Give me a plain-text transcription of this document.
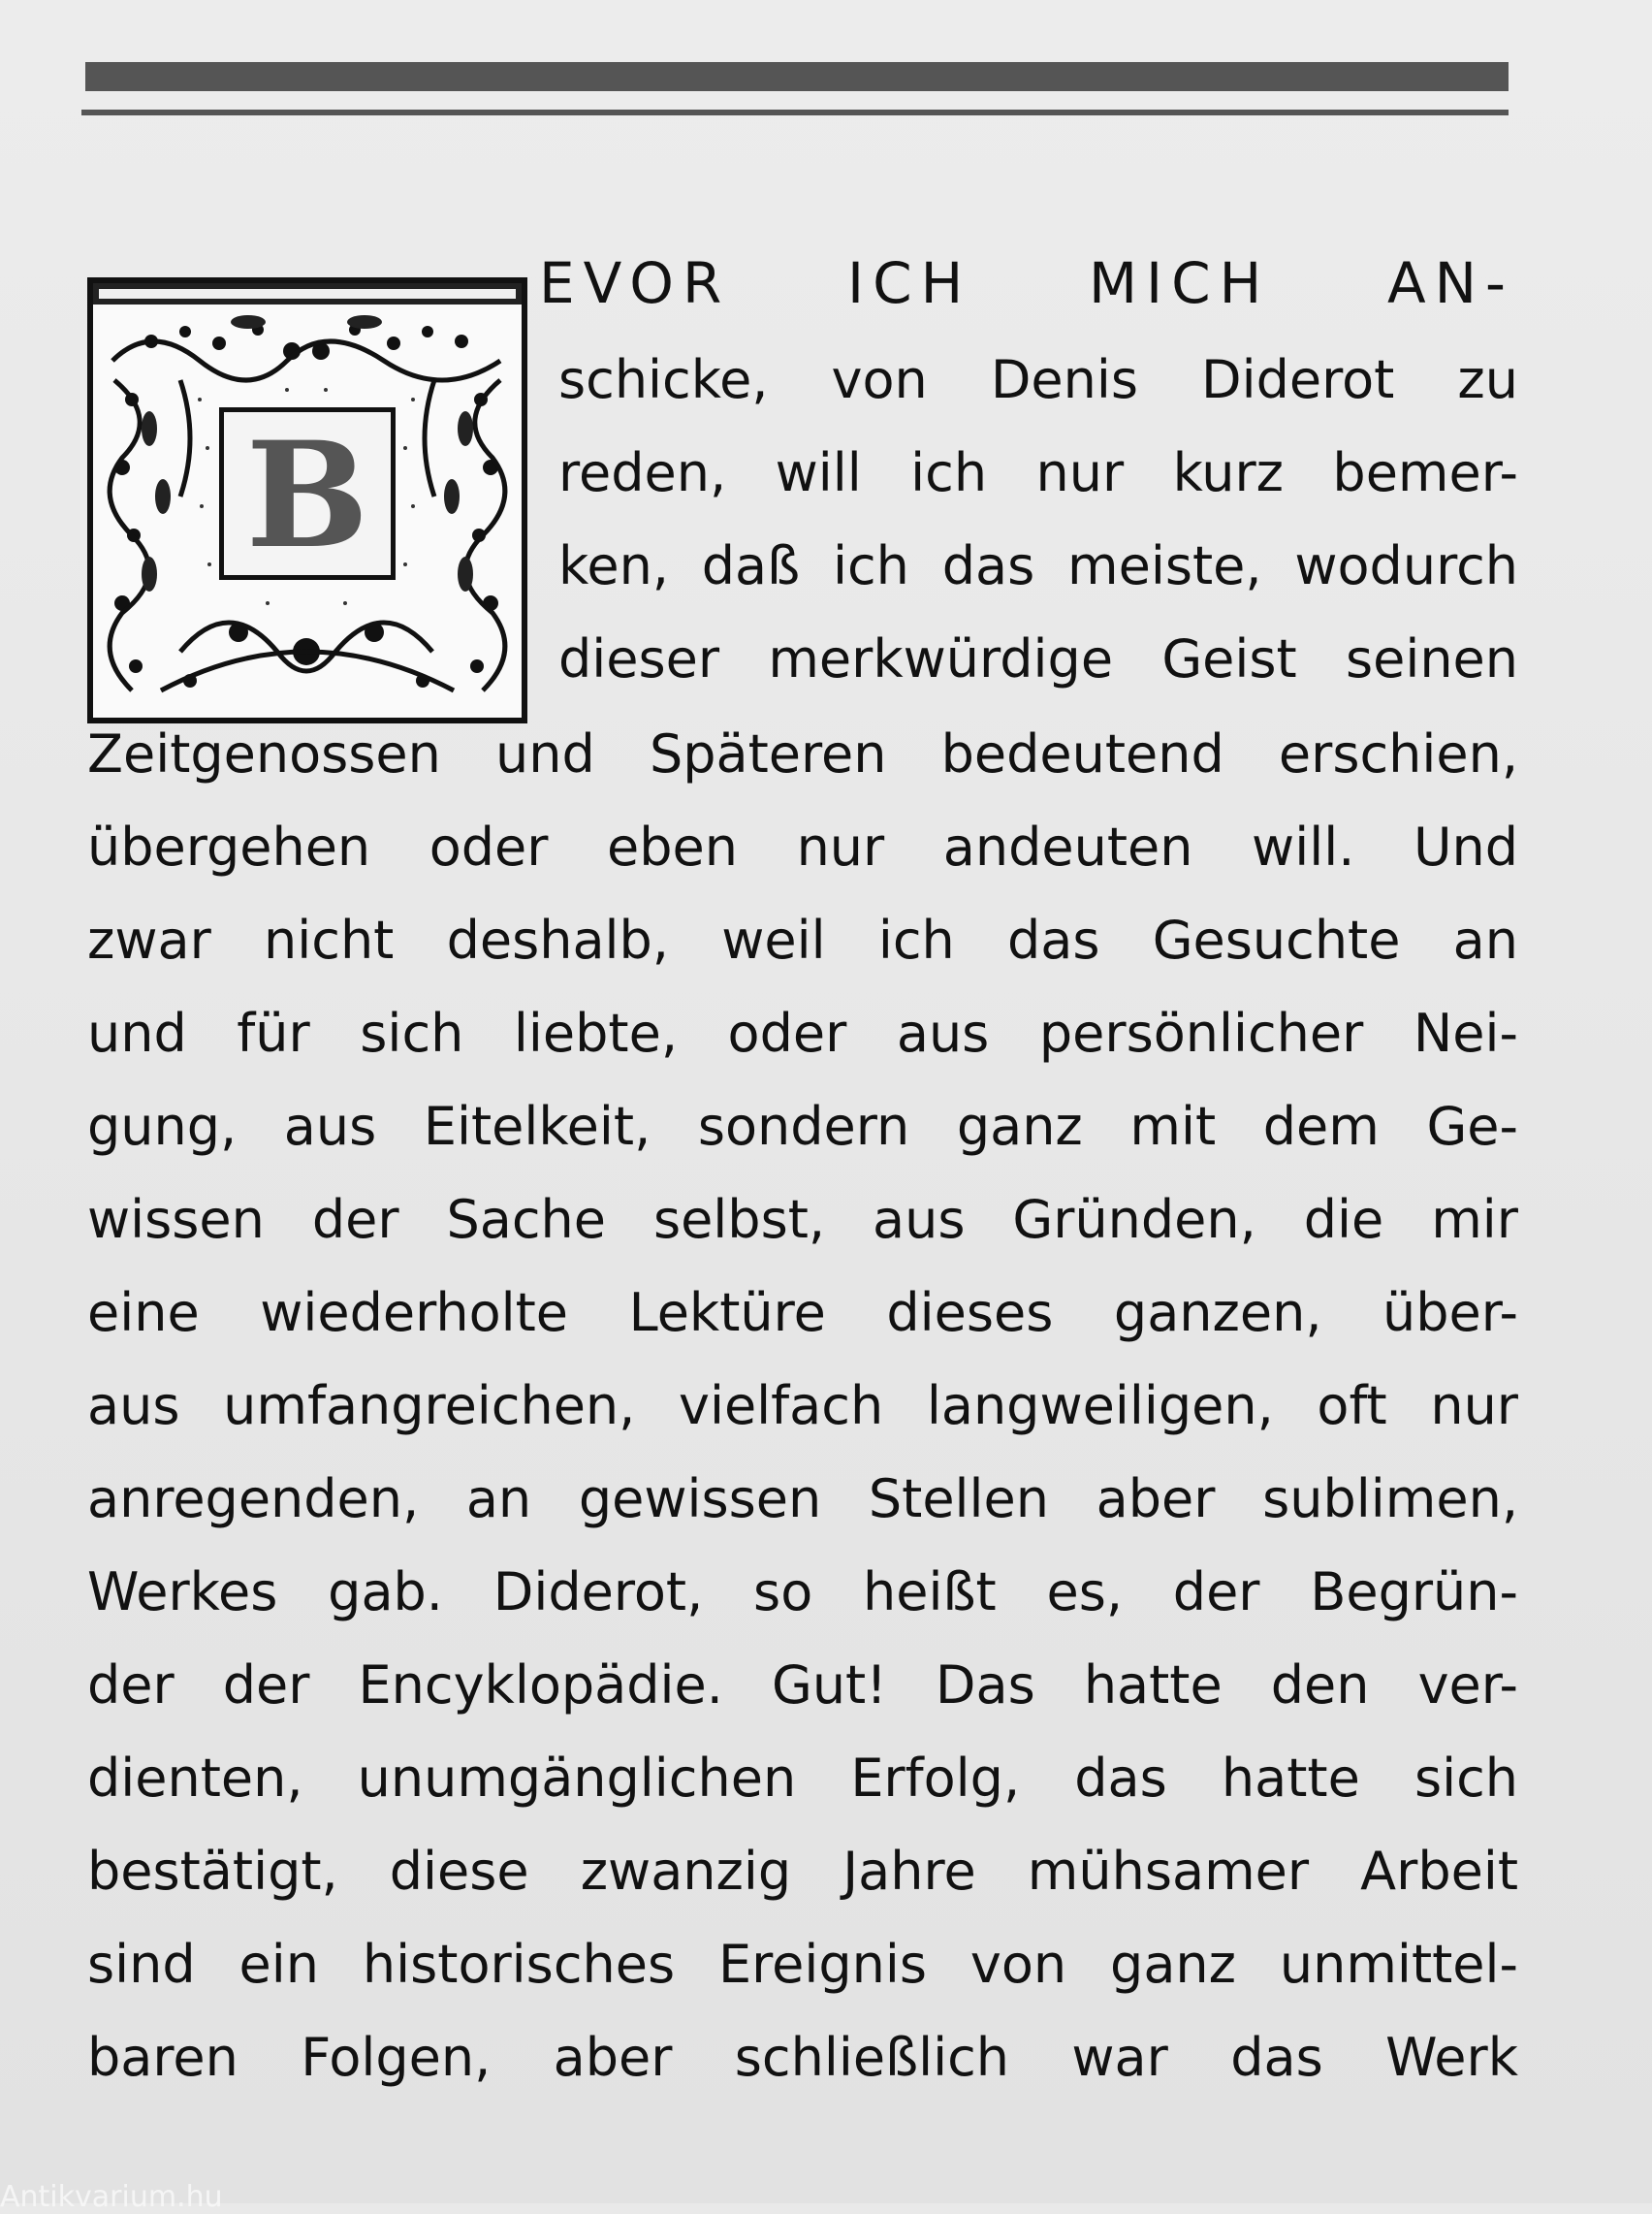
B
EVOR ICH MICH AN-
schicke, von Denis Diderot zu
reden, will ich nur kurz bemer-
ken, daß ich das meiste, wodurch
dieser merkwürdige Geist seinen
Zeitgenossen und Späteren bedeutend erschien,
übergehen oder eben nur andeuten will. Und
zwar nicht deshalb, weil ich das Gesuchte an
und für sich liebte, oder aus persönlicher Nei-
gung, aus Eitelkeit, sondern ganz mit dem Ge-
wissen der Sache selbst, aus Gründen, die mir
eine wiederholte Lektüre dieses ganzen, über-
aus umfangreichen, vielfach langweiligen, oft nur
anregenden, an gewissen Stellen aber sublimen,
Werkes gab. Diderot, so heißt es, der Begrün-
der der Encyklopädie. Gut! Das hatte den ver-
dienten, unumgänglichen Erfolg, das hatte sich
bestätigt, diese zwanzig Jahre mühsamer Arbeit
sind ein historisches Ereignis von ganz unmittel-
baren Folgen, aber schließlich war das Werk
Antikvarium.hu
